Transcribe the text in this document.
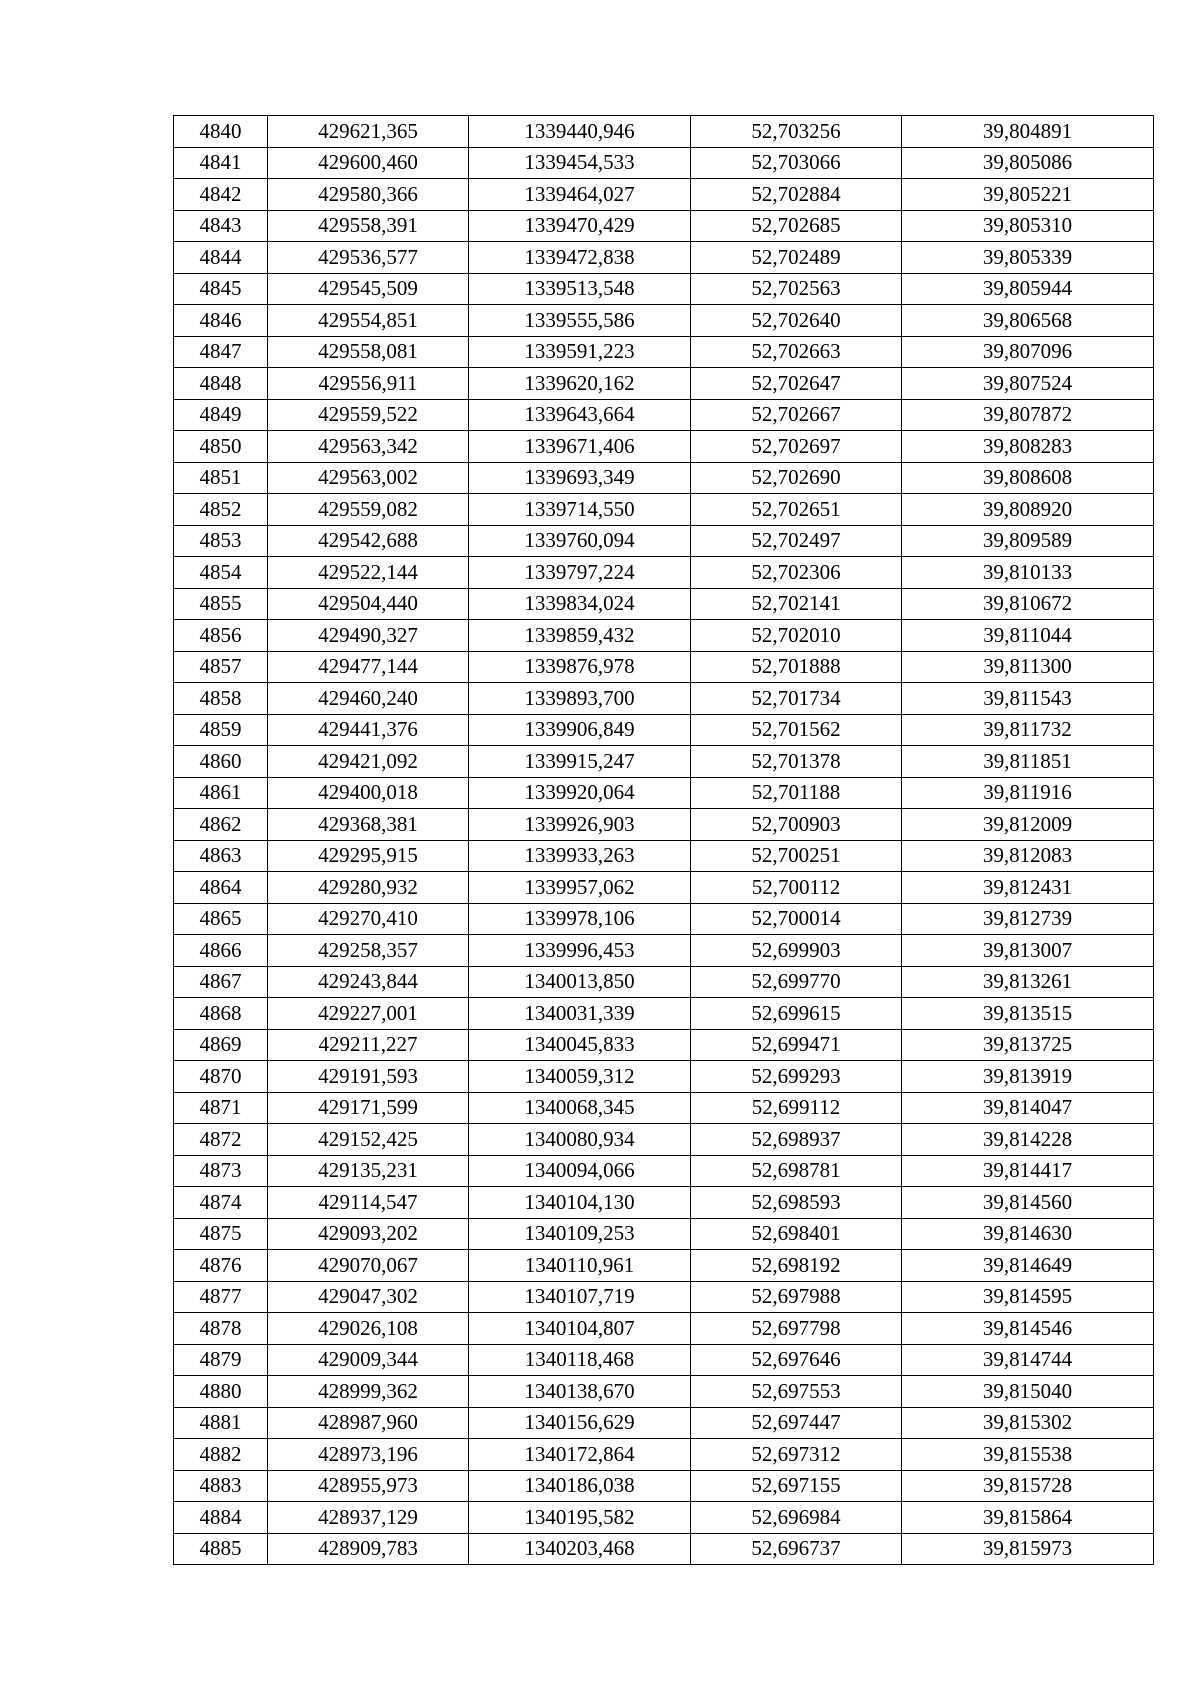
4840	429621,365	1339440,946	52,703256	39,804891
4841	429600,460	1339454,533	52,703066	39,805086
4842	429580,366	1339464,027	52,702884	39,805221
4843	429558,391	1339470,429	52,702685	39,805310
4844	429536,577	1339472,838	52,702489	39,805339
4845	429545,509	1339513,548	52,702563	39,805944
4846	429554,851	1339555,586	52,702640	39,806568
4847	429558,081	1339591,223	52,702663	39,807096
4848	429556,911	1339620,162	52,702647	39,807524
4849	429559,522	1339643,664	52,702667	39,807872
4850	429563,342	1339671,406	52,702697	39,808283
4851	429563,002	1339693,349	52,702690	39,808608
4852	429559,082	1339714,550	52,702651	39,808920
4853	429542,688	1339760,094	52,702497	39,809589
4854	429522,144	1339797,224	52,702306	39,810133
4855	429504,440	1339834,024	52,702141	39,810672
4856	429490,327	1339859,432	52,702010	39,811044
4857	429477,144	1339876,978	52,701888	39,811300
4858	429460,240	1339893,700	52,701734	39,811543
4859	429441,376	1339906,849	52,701562	39,811732
4860	429421,092	1339915,247	52,701378	39,811851
4861	429400,018	1339920,064	52,701188	39,811916
4862	429368,381	1339926,903	52,700903	39,812009
4863	429295,915	1339933,263	52,700251	39,812083
4864	429280,932	1339957,062	52,700112	39,812431
4865	429270,410	1339978,106	52,700014	39,812739
4866	429258,357	1339996,453	52,699903	39,813007
4867	429243,844	1340013,850	52,699770	39,813261
4868	429227,001	1340031,339	52,699615	39,813515
4869	429211,227	1340045,833	52,699471	39,813725
4870	429191,593	1340059,312	52,699293	39,813919
4871	429171,599	1340068,345	52,699112	39,814047
4872	429152,425	1340080,934	52,698937	39,814228
4873	429135,231	1340094,066	52,698781	39,814417
4874	429114,547	1340104,130	52,698593	39,814560
4875	429093,202	1340109,253	52,698401	39,814630
4876	429070,067	1340110,961	52,698192	39,814649
4877	429047,302	1340107,719	52,697988	39,814595
4878	429026,108	1340104,807	52,697798	39,814546
4879	429009,344	1340118,468	52,697646	39,814744
4880	428999,362	1340138,670	52,697553	39,815040
4881	428987,960	1340156,629	52,697447	39,815302
4882	428973,196	1340172,864	52,697312	39,815538
4883	428955,973	1340186,038	52,697155	39,815728
4884	428937,129	1340195,582	52,696984	39,815864
4885	428909,783	1340203,468	52,696737	39,815973
